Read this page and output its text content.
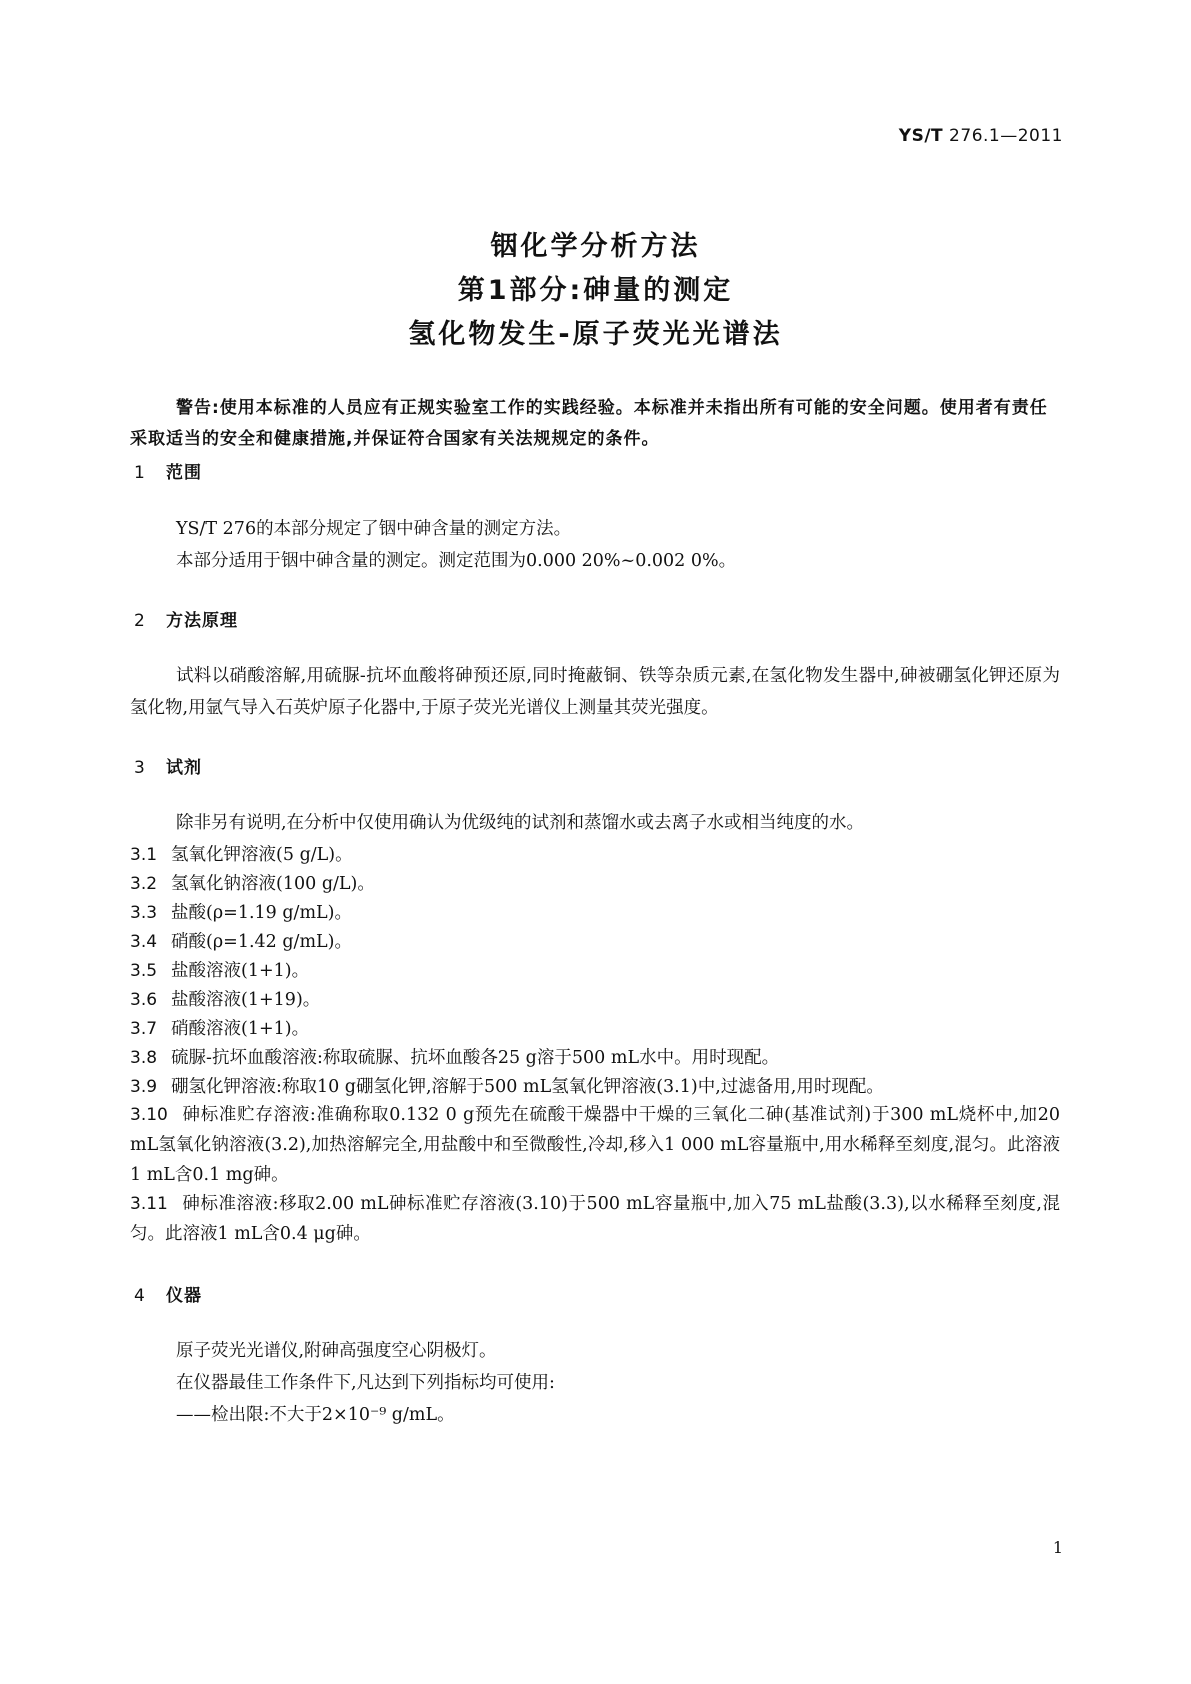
YS/T 276.1—2011
铟化学分析方法
第1部分:砷量的测定
氢化物发生-原子荧光光谱法
警告:使用本标准的人员应有正规实验室工作的实践经验。本标准并未指出所有可能的安全问题。使用者有责任采取适当的安全和健康措施,并保证符合国家有关法规规定的条件。
1 范围
YS/T 276的本部分规定了铟中砷含量的测定方法。
本部分适用于铟中砷含量的测定。测定范围为0.000 20%~0.002 0%。
2 方法原理
试料以硝酸溶解,用硫脲-抗坏血酸将砷预还原,同时掩蔽铜、铁等杂质元素,在氢化物发生器中,砷被硼氢化钾还原为氢化物,用氩气导入石英炉原子化器中,于原子荧光光谱仪上测量其荧光强度。
3 试剂
除非另有说明,在分析中仅使用确认为优级纯的试剂和蒸馏水或去离子水或相当纯度的水。
3.1 氢氧化钾溶液(5 g/L)。
3.2 氢氧化钠溶液(100 g/L)。
3.3 盐酸(ρ=1.19 g/mL)。
3.4 硝酸(ρ=1.42 g/mL)。
3.5 盐酸溶液(1+1)。
3.6 盐酸溶液(1+19)。
3.7 硝酸溶液(1+1)。
3.8 硫脲-抗坏血酸溶液:称取硫脲、抗坏血酸各25 g溶于500 mL水中。用时现配。
3.9 硼氢化钾溶液:称取10 g硼氢化钾,溶解于500 mL氢氧化钾溶液(3.1)中,过滤备用,用时现配。
3.10 砷标准贮存溶液:准确称取0.132 0 g预先在硫酸干燥器中干燥的三氧化二砷(基准试剂)于300 mL烧杯中,加20 mL氢氧化钠溶液(3.2),加热溶解完全,用盐酸中和至微酸性,冷却,移入1 000 mL容量瓶中,用水稀释至刻度,混匀。此溶液1 mL含0.1 mg砷。
3.11 砷标准溶液:移取2.00 mL砷标准贮存溶液(3.10)于500 mL容量瓶中,加入75 mL盐酸(3.3),以水稀释至刻度,混匀。此溶液1 mL含0.4 μg砷。
4 仪器
原子荧光光谱仪,附砷高强度空心阴极灯。
在仪器最佳工作条件下,凡达到下列指标均可使用:
——检出限:不大于2×10⁻⁹ g/mL。
1
